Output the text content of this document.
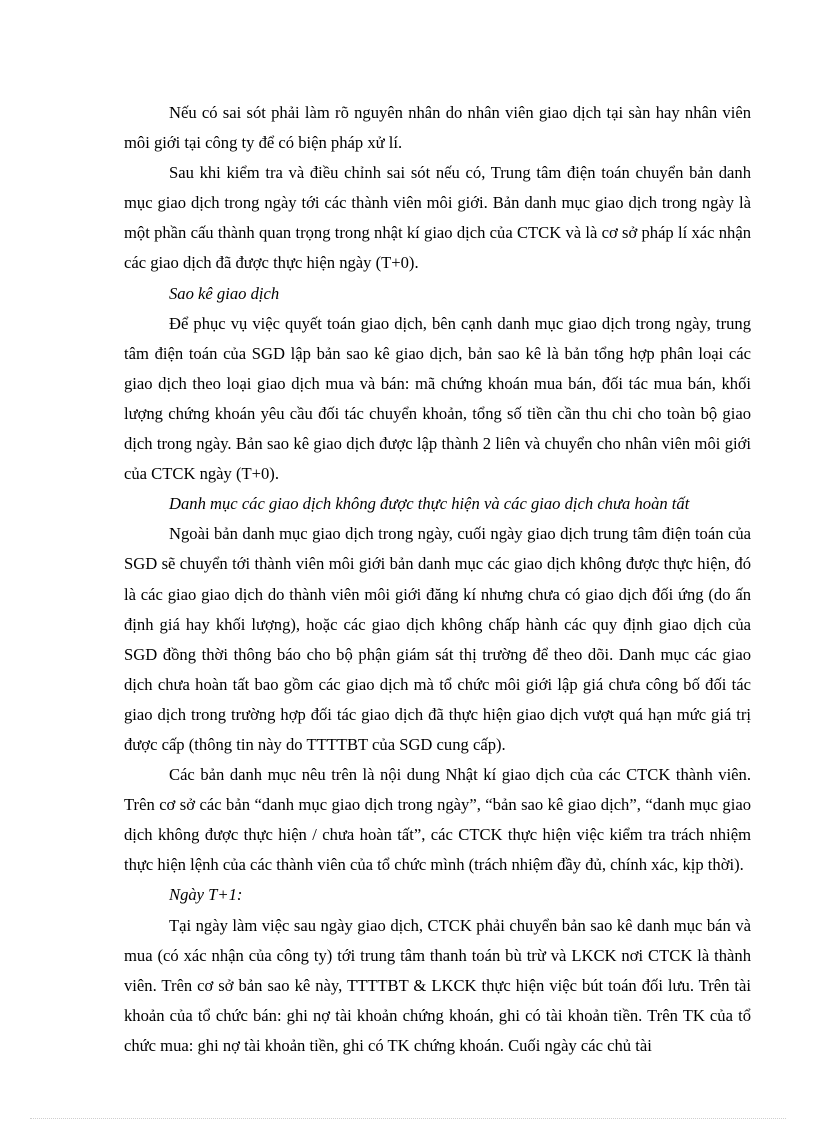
Nếu có sai sót phải làm rõ nguyên nhân do nhân viên giao dịch tại sàn hay nhân viên môi giới tại công ty để có biện pháp xử lí.

Sau khi kiểm tra và điều chỉnh sai sót nếu có, Trung tâm điện toán chuyển bản danh mục giao dịch trong ngày tới các thành viên môi giới. Bản danh mục giao dịch trong ngày là một phần cấu thành quan trọng trong nhật kí giao dịch của CTCK và là cơ sở pháp lí xác nhận các giao dịch đã được thực hiện ngày (T+0).

Sao kê giao dịch

Để phục vụ việc quyết toán giao dịch, bên cạnh danh mục giao dịch trong ngày, trung tâm điện toán của SGD lập bản sao kê giao dịch, bản sao kê là bản tổng hợp phân loại các giao dịch theo loại giao dịch mua và bán: mã chứng khoán mua bán, đối tác mua bán, khối lượng chứng khoán yêu cầu đối tác chuyển khoản, tổng số tiền cần thu chi cho toàn bộ giao dịch trong ngày. Bản sao kê giao dịch được lập thành 2 liên và chuyển cho nhân viên môi giới của CTCK ngày (T+0).

Danh mục các giao dịch không được thực hiện và các giao dịch chưa hoàn tất

Ngoài bản danh mục giao dịch trong ngày, cuối ngày giao dịch trung tâm điện toán của SGD sẽ chuyển tới thành viên môi giới bản danh mục các giao dịch không được thực hiện, đó là các giao giao dịch do thành viên môi giới đăng kí nhưng chưa có giao dịch đối ứng (do ấn định giá hay khối lượng), hoặc các giao dịch không chấp hành các quy định giao dịch của SGD đồng thời thông báo cho bộ phận giám sát thị trường để theo dõi. Danh mục các giao dịch chưa hoàn tất bao gồm các giao dịch mà tổ chức môi giới lập giá chưa công bố đối tác giao dịch trong trường hợp đối tác giao dịch đã thực hiện giao dịch vượt quá hạn mức giá trị được cấp (thông tin này do TTTTBT của SGD cung cấp).

Các bản danh mục nêu trên là nội dung Nhật kí giao dịch của các CTCK thành viên. Trên cơ sở các bản “danh mục giao dịch trong ngày”, “bản sao kê giao dịch”, “danh mục giao dịch không được thực hiện / chưa hoàn tất”, các CTCK thực hiện việc kiểm tra trách nhiệm thực hiện lệnh của các thành viên của tổ chức mình (trách nhiệm đầy đủ, chính xác, kịp thời).

Ngày T+1:

Tại ngày làm việc sau ngày giao dịch, CTCK phải chuyển bản sao kê danh mục bán và mua (có xác nhận của công ty) tới trung tâm thanh toán bù trừ và LKCK nơi CTCK là thành viên. Trên cơ sở bản sao kê này, TTTTBT & LKCK thực hiện việc bút toán đối lưu. Trên tài khoản của tổ chức bán: ghi nợ tài khoản chứng khoán, ghi có tài khoản tiền. Trên TK của tổ chức mua: ghi nợ tài khoản tiền, ghi có TK chứng khoán. Cuối ngày các chủ tài
